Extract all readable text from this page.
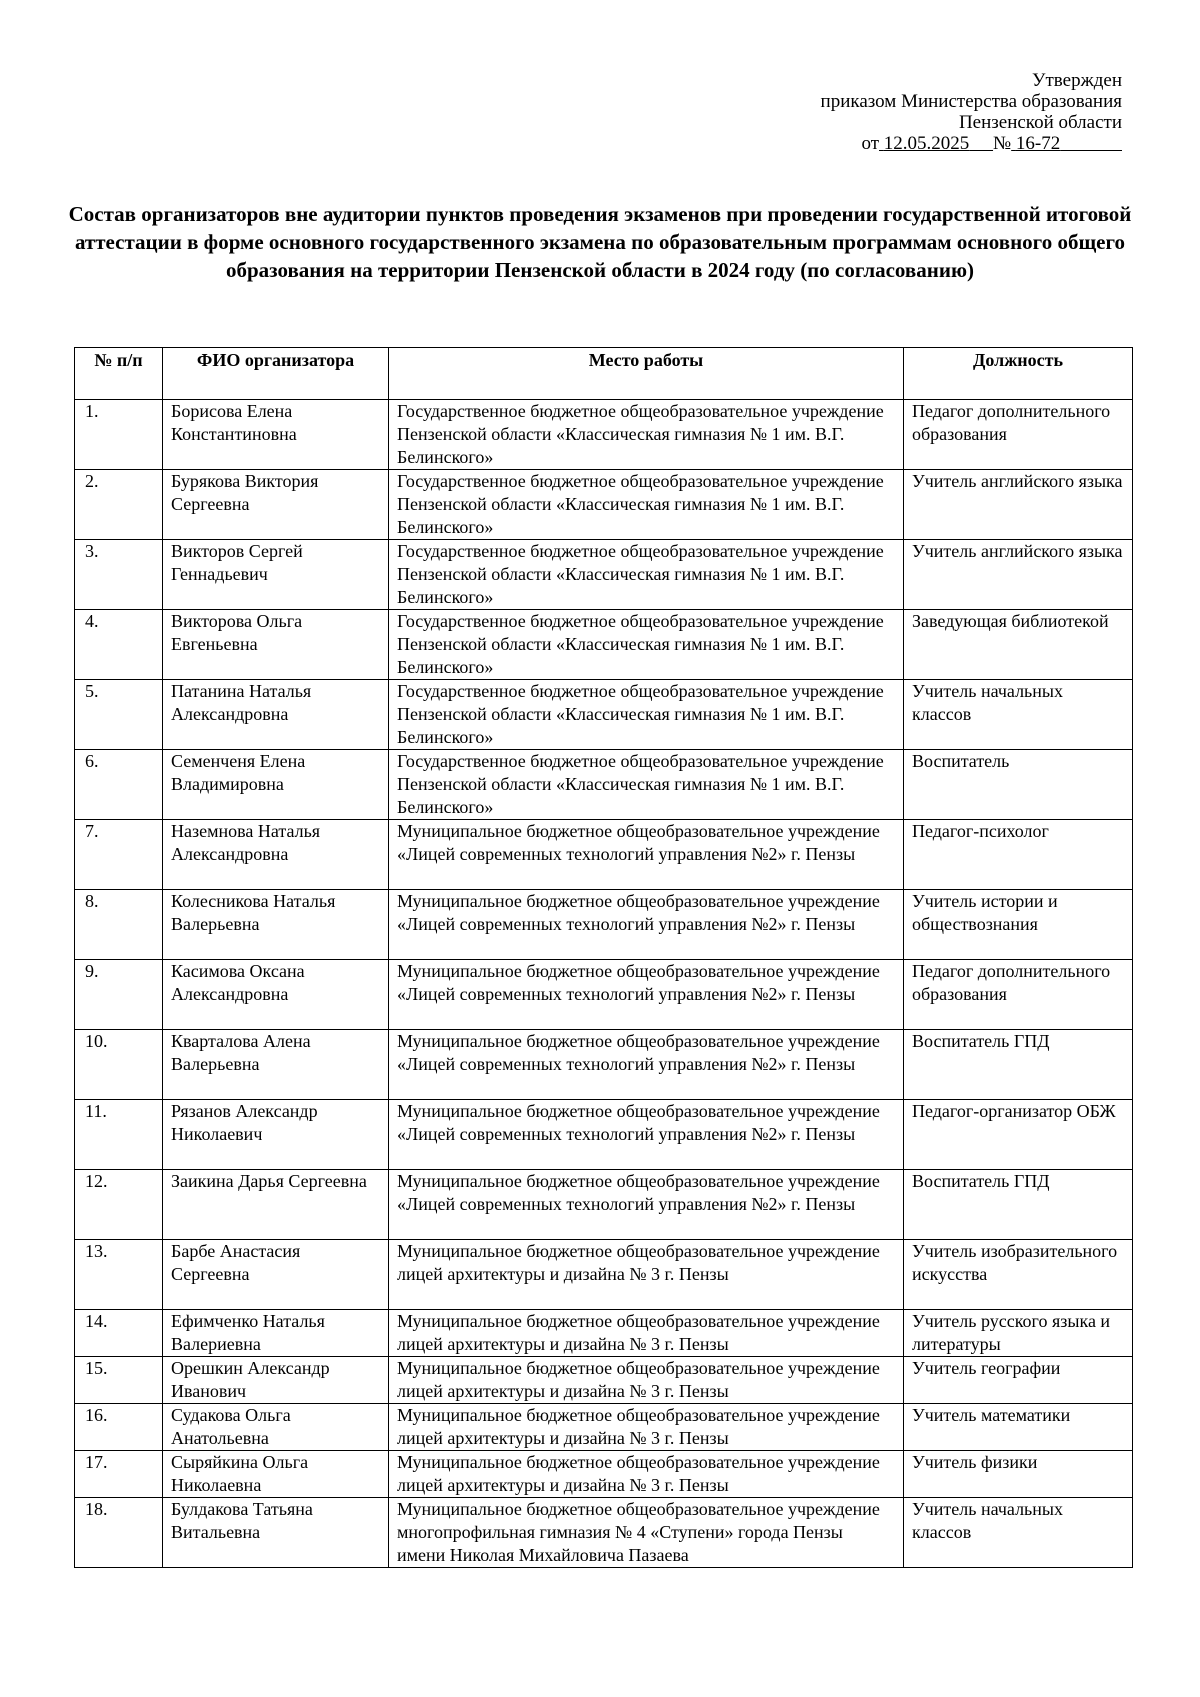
Утвержден
приказом Министерства образования
Пензенской области
от 12.05.2025 № 16-72
Состав организаторов вне аудитории пунктов проведения экзаменов при проведении государственной итоговой аттестации в форме основного государственного экзамена по образовательным программам основного общего образования на территории Пензенской области в 2024 году (по согласованию)
№ п/п	ФИО организатора	Место работы	Должность
1.	Борисова Елена Константиновна	Государственное бюджетное общеобразовательное учреждение Пензенской области «Классическая гимназия № 1 им. В.Г. Белинского»	Педагог дополнительного образования
2.	Бурякова Виктория Сергеевна	Государственное бюджетное общеобразовательное учреждение Пензенской области «Классическая гимназия № 1 им. В.Г. Белинского»	Учитель английского языка
3.	Викторов Сергей Геннадьевич	Государственное бюджетное общеобразовательное учреждение Пензенской области «Классическая гимназия № 1 им. В.Г. Белинского»	Учитель английского языка
4.	Викторова Ольга Евгеньевна	Государственное бюджетное общеобразовательное учреждение Пензенской области «Классическая гимназия № 1 им. В.Г. Белинского»	Заведующая библиотекой
5.	Патанина Наталья Александровна	Государственное бюджетное общеобразовательное учреждение Пензенской области «Классическая гимназия № 1 им. В.Г. Белинского»	Учитель начальных классов
6.	Семенченя Елена Владимировна	Государственное бюджетное общеобразовательное учреждение Пензенской области «Классическая гимназия № 1 им. В.Г. Белинского»	Воспитатель
7.	Наземнова Наталья Александровна	Муниципальное бюджетное общеобразовательное учреждение «Лицей современных технологий управления №2» г. Пензы	Педагог-психолог
8.	Колесникова Наталья Валерьевна	Муниципальное бюджетное общеобразовательное учреждение «Лицей современных технологий управления №2» г. Пензы	Учитель истории и обществознания
9.	Касимова Оксана Александровна	Муниципальное бюджетное общеобразовательное учреждение «Лицей современных технологий управления №2» г. Пензы	Педагог дополнительного образования
10.	Кварталова Алена Валерьевна	Муниципальное бюджетное общеобразовательное учреждение «Лицей современных технологий управления №2» г. Пензы	Воспитатель ГПД
11.	Рязанов Александр Николаевич	Муниципальное бюджетное общеобразовательное учреждение «Лицей современных технологий управления №2» г. Пензы	Педагог-организатор ОБЖ
12.	Заикина Дарья Сергеевна	Муниципальное бюджетное общеобразовательное учреждение «Лицей современных технологий управления №2» г. Пензы	Воспитатель ГПД
13.	Барбе Анастасия Сергеевна	Муниципальное бюджетное общеобразовательное учреждение лицей архитектуры и дизайна № 3 г. Пензы	Учитель изобразительного искусства
14.	Ефимченко Наталья Валериевна	Муниципальное бюджетное общеобразовательное учреждение лицей архитектуры и дизайна № 3 г. Пензы	Учитель русского языка и литературы
15.	Орешкин Александр Иванович	Муниципальное бюджетное общеобразовательное учреждение лицей архитектуры и дизайна № 3 г. Пензы	Учитель географии
16.	Судакова Ольга Анатольевна	Муниципальное бюджетное общеобразовательное учреждение лицей архитектуры и дизайна № 3 г. Пензы	Учитель математики
17.	Сыряйкина Ольга Николаевна	Муниципальное бюджетное общеобразовательное учреждение лицей архитектуры и дизайна № 3 г. Пензы	Учитель физики
18.	Булдакова Татьяна Витальевна	Муниципальное бюджетное общеобразовательное учреждение многопрофильная гимназия № 4 «Ступени» города Пензы имени Николая Михайловича Пазаева	Учитель начальных классов
